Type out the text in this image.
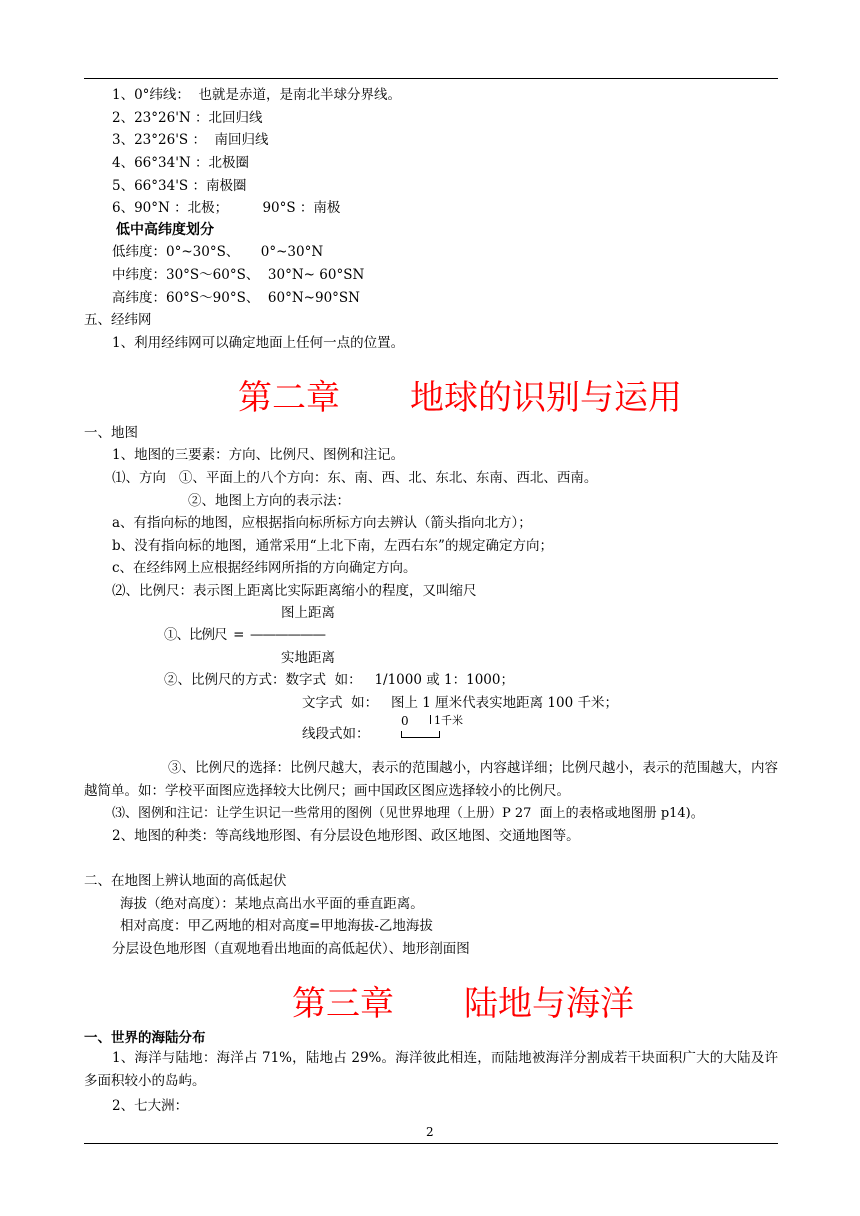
1、0°纬线：  也就是赤道，是南北半球分界线。
2、23°26'N ：北回归线
3、23°26'S ：  南回归线
4、66°34'N ：北极圈
5、66°34'S ：南极圈
6、90°N ：北极；        90°S ：南极
低中高纬度划分
低纬度：0°~30°S、     0°~30°N
中纬度：30°S～60°S、  30°N~ 60°SN
高纬度：60°S～90°S、  60°N~90°SN
五、经纬网
1、利用经纬网可以确定地面上任何一点的位置。
第二章 地球的识别与运用
一、地图
1、地图的三要素：方向、比例尺、图例和注记。
⑴、方向   ①、平面上的八个方向：东、南、西、北、东北、东南、西北、西南。
②、地图上方向的表示法：
a、有指向标的地图，应根据指向标所标方向去辨认（箭头指向北方）；
b、没有指向标的地图，通常采用“上北下南，左西右东”的规定确定方向；
c、在经纬网上应根据经纬网所指的方向确定方向。
⑵、比例尺：表示图上距离比实际距离缩小的程度，又叫缩尺
图上距离
①、比例尺  =  ——————
实地距离
②、比例尺的方式：数字式  如：   1/1000 或 1：1000；
文字式  如：   图上 1 厘米代表实地距离 100 千米；
0 1千米
线段式如：
③、比例尺的选择：比例尺越大，表示的范围越小，内容越详细；比例尺越小，表示的范围越大，内容越简单。如：学校平面图应选择较大比例尺；画中国政区图应选择较小的比例尺。
⑶、图例和注记：让学生识记一些常用的图例（见世界地理（上册）P 27  面上的表格或地图册 p14)。
2、地图的种类：等高线地形图、有分层设色地形图、政区地图、交通地图等。
二、在地图上辨认地面的高低起伏
海拔（绝对高度）：某地点高出水平面的垂直距离。
相对高度：甲乙两地的相对高度=甲地海拔-乙地海拔
分层设色地形图（直观地看出地面的高低起伏）、地形剖面图
第三章 陆地与海洋
一、世界的海陆分布
1、海洋与陆地：海洋占 71%，陆地占 29%。海洋彼此相连，而陆地被海洋分割成若干块面积广大的大陆及许多面积较小的岛屿。
2、七大洲：
2
